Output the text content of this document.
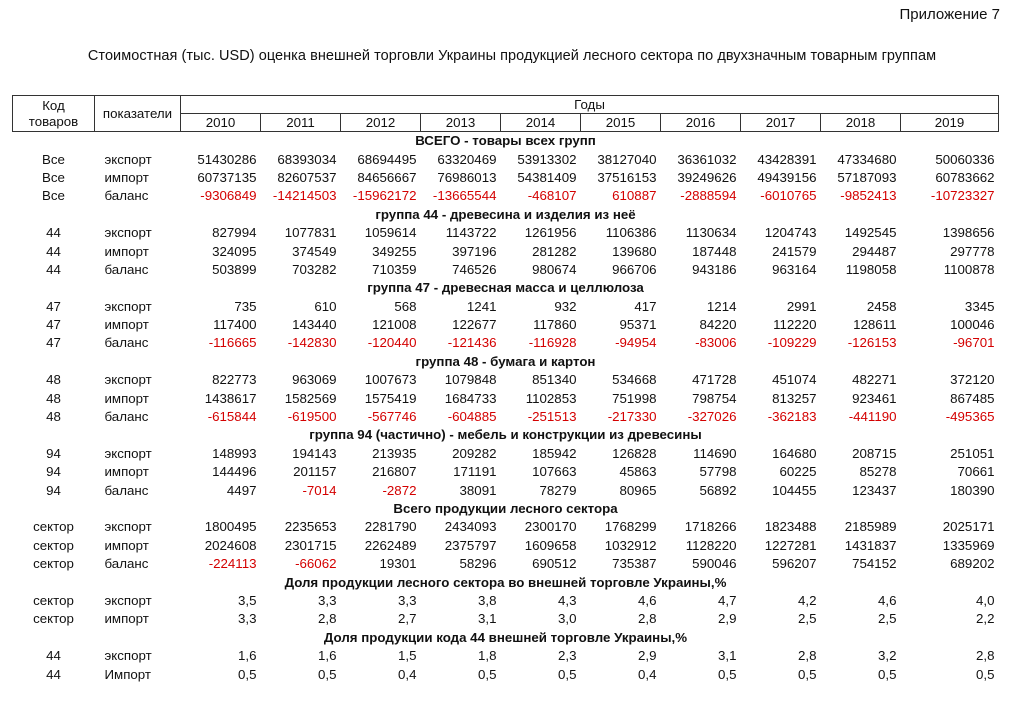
Приложение 7
Стоимостная (тыс. USD) оценка внешней торговли Украины продукцией лесного сектора по двухзначным товарным группам
Код товаров	показатели	Годы									
		2010	2011	2012	2013	2014	2015	2016	2017	2018	2019
ВСЕГО - товары всех групп											
Все	экспорт	51430286	68393034	68694495	63320469	53913302	38127040	36361032	43428391	47334680	50060336
Все	импорт	60737135	82607537	84656667	76986013	54381409	37516153	39249626	49439156	57187093	60783662
Все	баланс	-9306849	-14214503	-15962172	-13665544	-468107	610887	-2888594	-6010765	-9852413	-10723327
группа 44 - древесина и изделия из неё											
44	экспорт	827994	1077831	1059614	1143722	1261956	1106386	1130634	1204743	1492545	1398656
44	импорт	324095	374549	349255	397196	281282	139680	187448	241579	294487	297778
44	баланс	503899	703282	710359	746526	980674	966706	943186	963164	1198058	1100878
группа 47 - древесная масса и целлюлоза											
47	экспорт	735	610	568	1241	932	417	1214	2991	2458	3345
47	импорт	117400	143440	121008	122677	117860	95371	84220	112220	128611	100046
47	баланс	-116665	-142830	-120440	-121436	-116928	-94954	-83006	-109229	-126153	-96701
группа 48 - бумага и картон											
48	экспорт	822773	963069	1007673	1079848	851340	534668	471728	451074	482271	372120
48	импорт	1438617	1582569	1575419	1684733	1102853	751998	798754	813257	923461	867485
48	баланс	-615844	-619500	-567746	-604885	-251513	-217330	-327026	-362183	-441190	-495365
группа 94 (частично) - мебель и конструкции из древесины											
94	экспорт	148993	194143	213935	209282	185942	126828	114690	164680	208715	251051
94	импорт	144496	201157	216807	171191	107663	45863	57798	60225	85278	70661
94	баланс	4497	-7014	-2872	38091	78279	80965	56892	104455	123437	180390
Всего продукции лесного сектора											
сектор	экспорт	1800495	2235653	2281790	2434093	2300170	1768299	1718266	1823488	2185989	2025171
сектор	импорт	2024608	2301715	2262489	2375797	1609658	1032912	1128220	1227281	1431837	1335969
сектор	баланс	-224113	-66062	19301	58296	690512	735387	590046	596207	754152	689202
Доля продукции лесного сектора во внешней торговле Украины,%											
сектор	экспорт	3,5	3,3	3,3	3,8	4,3	4,6	4,7	4,2	4,6	4,0
сектор	импорт	3,3	2,8	2,7	3,1	3,0	2,8	2,9	2,5	2,5	2,2
Доля продукции кода 44 внешней торговле Украины,%											
44	экспорт	1,6	1,6	1,5	1,8	2,3	2,9	3,1	2,8	3,2	2,8
44	Импорт	0,5	0,5	0,4	0,5	0,5	0,4	0,5	0,5	0,5	0,5
